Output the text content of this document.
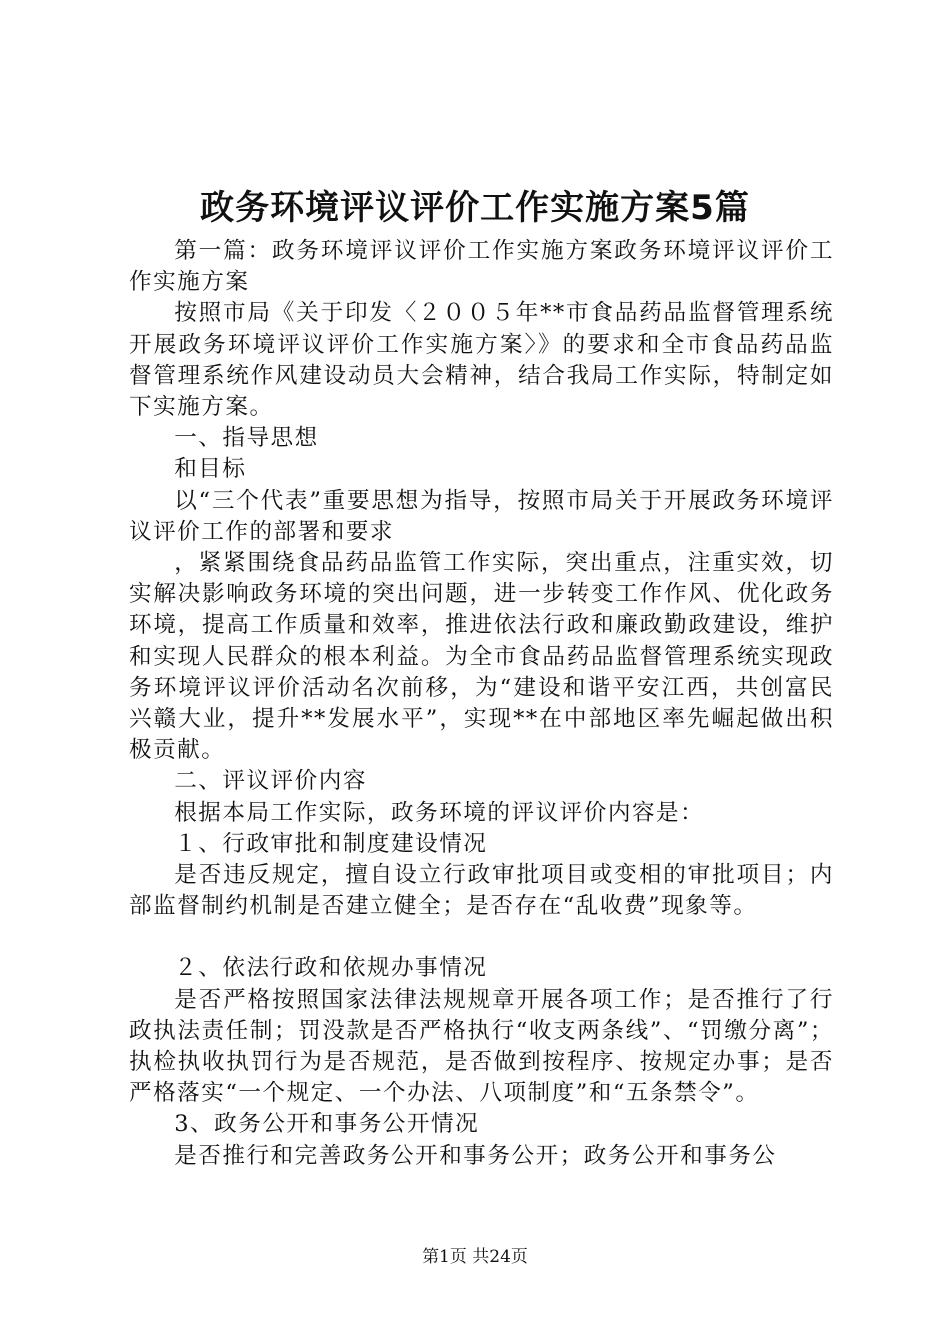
政务环境评议评价工作实施方案5篇

第一篇：政务环境评议评价工作实施方案政务环境评议评价工作实施方案

按照市局《关于印发〈２００５年**市食品药品监督管理系统开展政务环境评议评价工作实施方案〉》的要求和全市食品药品监督管理系统作风建设动员大会精神，结合我局工作实际，特制定如下实施方案。

一、指导思想

和目标

以“三个代表”重要思想为指导，按照市局关于开展政务环境评议评价工作的部署和要求

，紧紧围绕食品药品监管工作实际，突出重点，注重实效，切实解决影响政务环境的突出问题，进一步转变工作作风、优化政务环境，提高工作质量和效率，推进依法行政和廉政勤政建设，维护和实现人民群众的根本利益。为全市食品药品监督管理系统实现政务环境评议评价活动名次前移，为“建设和谐平安江西，共创富民兴赣大业，提升**发展水平”，实现**在中部地区率先崛起做出积极贡献。

二、评议评价内容

根据本局工作实际，政务环境的评议评价内容是：

１、行政审批和制度建设情况

是否违反规定，擅自设立行政审批项目或变相的审批项目；内部监督制约机制是否建立健全；是否存在“乱收费”现象等。

２、依法行政和依规办事情况

是否严格按照国家法律法规规章开展各项工作；是否推行了行政执法责任制；罚没款是否严格执行“收支两条线”、“罚缴分离”；执检执收执罚行为是否规范，是否做到按程序、按规定办事；是否严格落实“一个规定、一个办法、八项制度”和“五条禁令”。

3、政务公开和事务公开情况

是否推行和完善政务公开和事务公开；政务公开和事务公

第1页 共24页
